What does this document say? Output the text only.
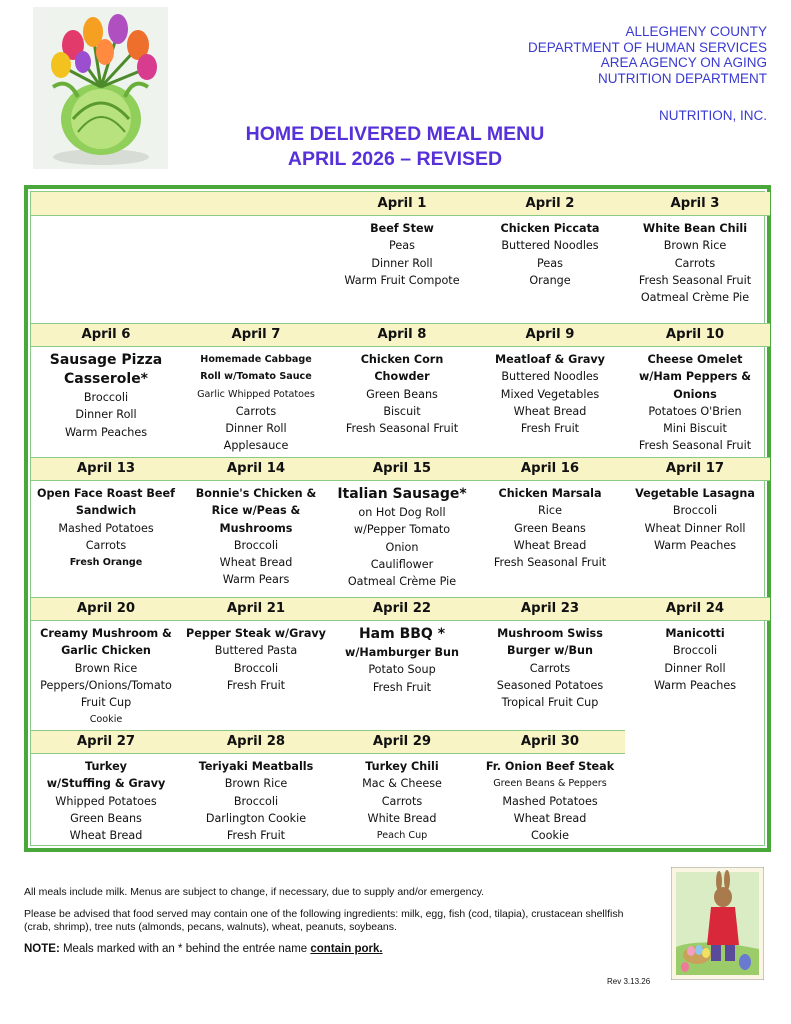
ALLEGHENY COUNTY
DEPARTMENT OF HUMAN SERVICES
AREA AGENCY ON AGING
NUTRITION DEPARTMENT
NUTRITION, INC.
HOME DELIVERED MEAL MENU
APRIL 2026 – REVISED
April 1
Beef Stew
Peas
Dinner Roll
Warm Fruit Compote
April 2
Chicken Piccata
Buttered Noodles
Peas
Orange
April 3
White Bean Chili
Brown Rice
Carrots
Fresh Seasonal Fruit
Oatmeal Crème Pie
April 6
Sausage Pizza
Casserole*
Broccoli
Dinner Roll
Warm Peaches
April 7
Homemade Cabbage
Roll w/Tomato Sauce
Garlic Whipped Potatoes
Carrots
Dinner Roll
Applesauce
April 8
Chicken Corn
Chowder
Green Beans
Biscuit
Fresh Seasonal Fruit
April 9
Meatloaf & Gravy
Buttered Noodles
Mixed Vegetables
Wheat Bread
Fresh Fruit
April 10
Cheese Omelet
w/Ham Peppers &
Onions
Potatoes O'Brien
Mini Biscuit
Fresh Seasonal Fruit
April 13
Open Face Roast Beef
Sandwich
Mashed Potatoes
Carrots
Fresh Orange
April 14
Bonnie's Chicken &
Rice w/Peas &
Mushrooms
Broccoli
Wheat Bread
Warm Pears
April 15
Italian Sausage*
on Hot Dog Roll
w/Pepper Tomato
Onion
Cauliflower
Oatmeal Crème Pie
April 16
Chicken Marsala
Rice
Green Beans
Wheat Bread
Fresh Seasonal Fruit
April 17
Vegetable Lasagna
Broccoli
Wheat Dinner Roll
Warm Peaches
April 20
Creamy Mushroom &
Garlic Chicken
Brown Rice
Peppers/Onions/Tomato
Fruit Cup
Cookie
April 21
Pepper Steak w/Gravy
Buttered Pasta
Broccoli
Fresh Fruit
April 22
Ham BBQ *
w/Hamburger Bun
Potato Soup
Fresh Fruit
April 23
Mushroom Swiss
Burger w/Bun
Carrots
Seasoned Potatoes
Tropical Fruit Cup
April 24
Manicotti
Broccoli
Dinner Roll
Warm Peaches
April 27
Turkey
w/Stuffing & Gravy
Whipped Potatoes
Green Beans
Wheat Bread
April 28
Teriyaki Meatballs
Brown Rice
Broccoli
Darlington Cookie
Fresh Fruit
April 29
Turkey Chili
Mac & Cheese
Carrots
White Bread
Peach Cup
April 30
Fr. Onion Beef Steak
Green Beans & Peppers
Mashed Potatoes
Wheat Bread
Cookie

All meals include milk. Menus are subject to change, if necessary, due to supply and/or emergency.

Please be advised that food served may contain one of the following ingredients: milk, egg, fish (cod, tilapia), crustacean shellfish (crab, shrimp), tree nuts (almonds, pecans, walnuts), wheat, peanuts, soybeans.

NOTE: Meals marked with an * behind the entrée name contain pork.

Rev 3.13.26
